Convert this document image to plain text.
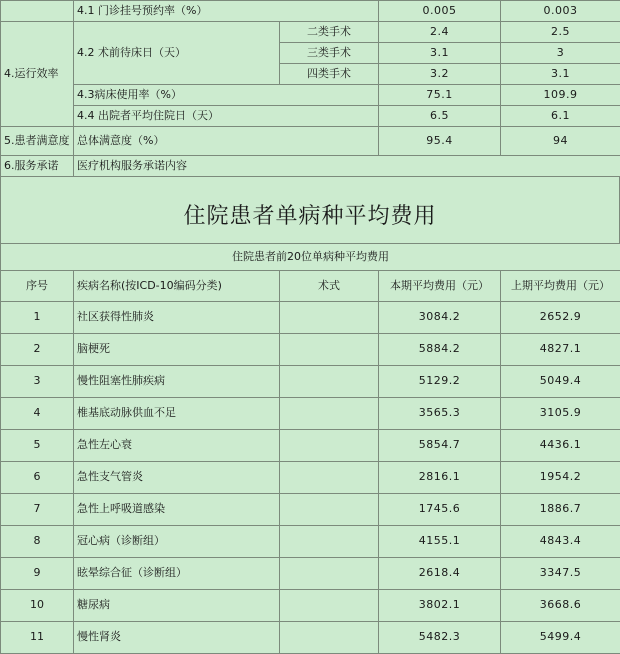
	4.1 门诊挂号预约率（%）		0.005	0.003
4.运行效率	4.2 术前待床日（天）	二类手术	2.4	2.5
		三类手术	3.1	3
		四类手术	3.2	3.1
	4.3病床使用率（%）		75.1	109.9
	4.4 出院者平均住院日（天）		6.5	6.1
5.患者满意度	总体满意度（%）		95.4	94
6.服务承诺	医疗机构服务承诺内容			
住院患者单病种平均费用
住院患者前20位单病种平均费用				
序号	疾病名称(按ICD-10编码分类)	术式	本期平均费用（元）	上期平均费用（元）
1	社区获得性肺炎		3084.2	2652.9
2	脑梗死		5884.2	4827.1
3	慢性阻塞性肺疾病		5129.2	5049.4
4	椎基底动脉供血不足		3565.3	3105.9
5	急性左心衰		5854.7	4436.1
6	急性支气管炎		2816.1	1954.2
7	急性上呼吸道感染		1745.6	1886.7
8	冠心病（诊断组）		4155.1	4843.4
9	眩晕综合征（诊断组）		2618.4	3347.5
10	糖尿病		3802.1	3668.6
11	慢性肾炎		5482.3	5499.4
